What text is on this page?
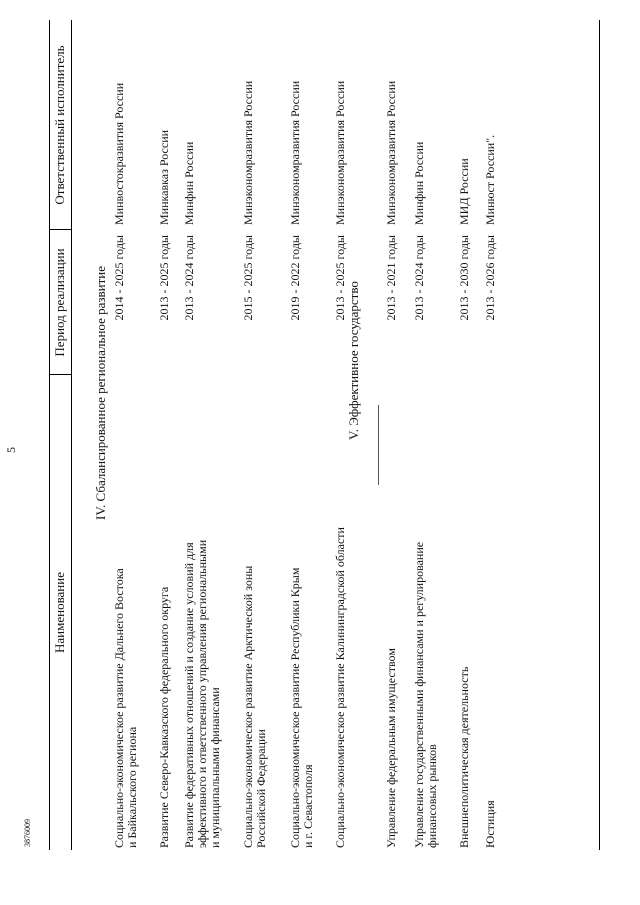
5
Наименование
Период реализации
Ответственный исполнитель
IV. Сбалансированное региональное развитие
Социально-экономическое развитие Дальнего Востока и Байкальского региона
2014 - 2025 годы
Минвостокразвития России
Развитие Северо-Кавказского федерального округа
2013 - 2025 годы
Минкавказ России
Развитие федеративных отношений и создание условий для эффективного и ответственного управления региональными и муниципальными финансами
2013 - 2024 годы
Минфин России
Социально-экономическое развитие Арктической зоны Российской Федерации
2015 - 2025 годы
Минэкономразвития России
Социально-экономическое развитие Республики Крым и г. Севастополя
2019 - 2022 годы
Минэкономразвития России
Социально-экономическое развитие Калининградской области
2013 - 2025 годы
Минэкономразвития России
V. Эффективное государство
Управление федеральным имуществом
2013 - 2021 годы
Минэкономразвития России
Управление государственными финансами и регулирование финансовых рынков
2013 - 2024 годы
Минфин России
Внешнеполитическая деятельность
2013 - 2030 годы
МИД России
Юстиция
2013 - 2026 годы
Минюст России".
3876009
